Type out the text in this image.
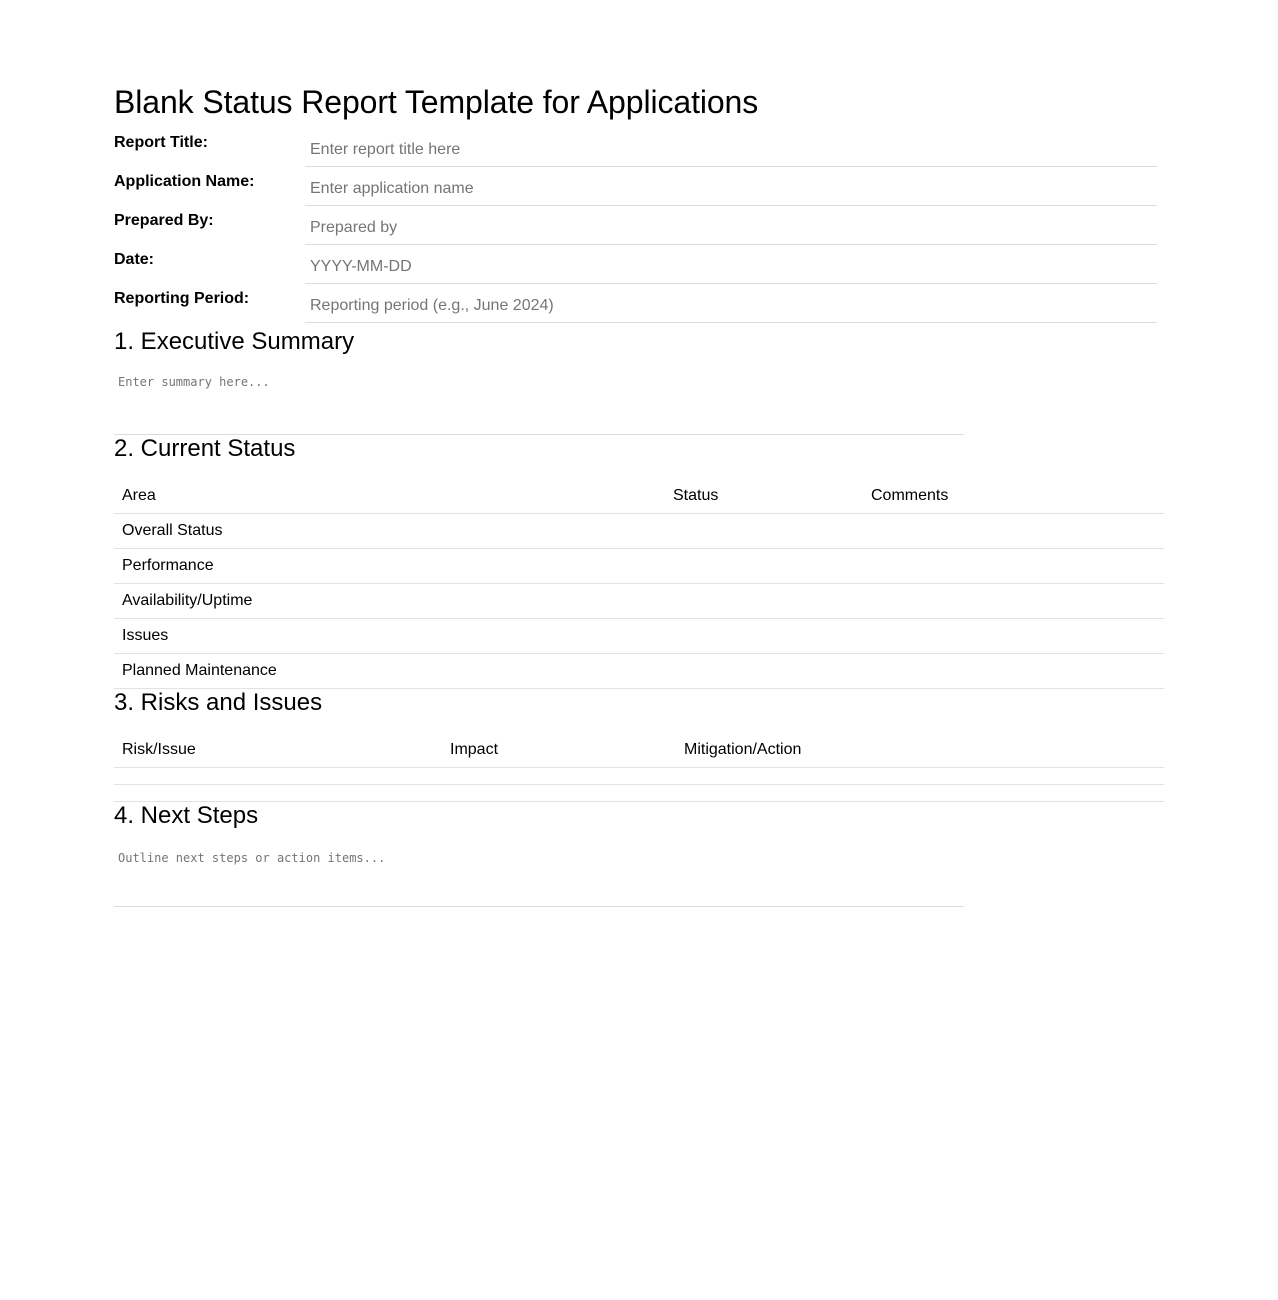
Blank Status Report Template for Applications
Report Title:
Enter report title here
Application Name:
Enter application name
Prepared By:
Prepared by
Date:
YYYY-MM-DD
Reporting Period:
Reporting period (e.g., June 2024)
1. Executive Summary
Enter summary here...
2. Current Status
Area	Status	Comments
Overall Status		
Performance		
Availability/Uptime		
Issues		
Planned Maintenance		
3. Risks and Issues
Risk/Issue	Impact	Mitigation/Action

4. Next Steps
Outline next steps or action items...
